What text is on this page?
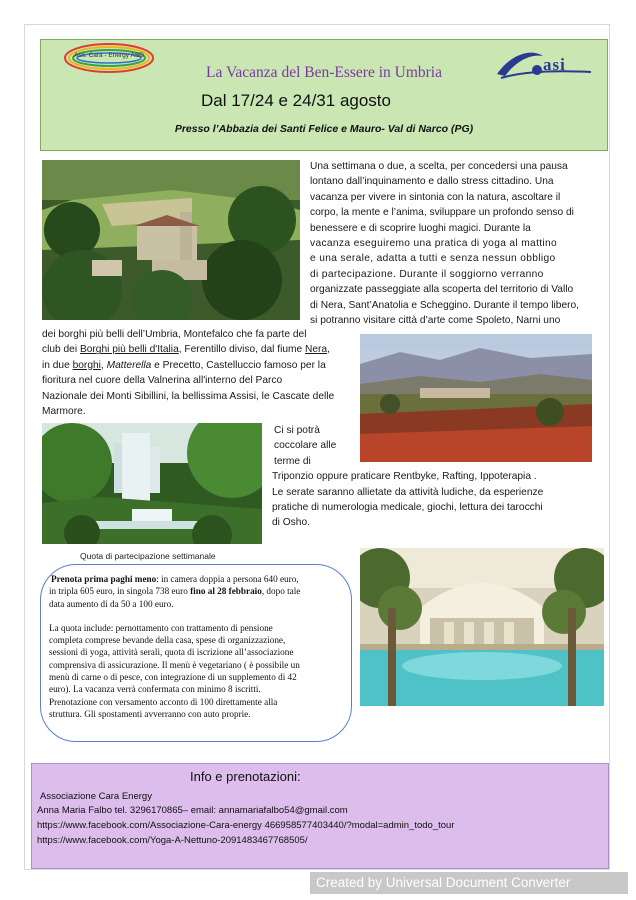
Ass. Cara - Energy ASD	asi
La Vacanza del Ben-Essere in Umbria
Dal 17/24 e 24/31 agosto
Presso l’Abbazia dei Santi Felice e Mauro- Val di Narco (PG)
Una settimana o due, a scelta, per concedersi una pausa
lontano dall’inquinamento e dallo stress cittadino. Una
vacanza per vivere in sintonia con la natura, ascoltare il
corpo, la mente e l’anima, sviluppare un profondo senso di
benessere e di scoprire luoghi magici. Durante la
vacanza eseguiremo una pratica di yoga al mattino
e una serale, adatta a tutti e senza nessun obbligo
di partecipazione. Durante il soggiorno verranno
organizzate passeggiate alla scoperta del territorio di Vallo
di Nera, Sant’Anatolia e Scheggino. Durante il tempo libero,
si potranno visitare città d’arte come Spoleto, Narni uno
dei borghi più belli dell’Umbria, Montefalco che fa parte del
club dei Borghi più belli d'Italia, Ferentillo diviso, dal fiume Nera,
in due borghi, Matterella e Precetto, Castelluccio famoso per la
fioritura nel cuore della Valnerina all'interno del Parco
Nazionale dei Monti Sibillini, la bellissima Assisi, le Cascate delle
Marmore.
Ci si potrà
coccolare alle
terme di
Triponzio oppure praticare Rentbyke, Rafting, Ippoterapia .
Le serate saranno allietate da attività ludiche, da esperienze
pratiche di numerologia medicale, giochi, lettura dei tarocchi
di Osho.
Quota di partecipazione settimanale

Prenota prima paghi meno: in camera doppia a persona 640 euro,

in tripla 605 euro, in singola 738 euro fino al 28 febbraio, dopo tale

data aumento di da 50 a 100 euro.

La quota include: pernottamento con trattamento di pensione
completa comprese bevande della casa, spese di organizzazione,
sessioni di yoga, attività serali, quota di iscrizione all’associazione
comprensiva di assicurazione. Il menù è vegetariano ( è possibile un
menù di carne o di pesce, con integrazione di un supplemento di 42
euro). La vacanza verrà confermata con minimo 8 iscritti.
Prenotazione con versamento acconto di 100 direttamente alla
struttura. Gli spostamenti avverranno con auto proprie.
Info e prenotazioni:
Associazione Cara Energy
Anna Maria Falbo tel. 3296170865– email: annamariafalbo54@gmail.com
https://www.facebook.com/Associazione-Cara-energy 466958577403440/?modal=admin_todo_tour
https://www.facebook.com/Yoga-A-Nettuno-2091483467768505/
Created by Universal Document Converter
